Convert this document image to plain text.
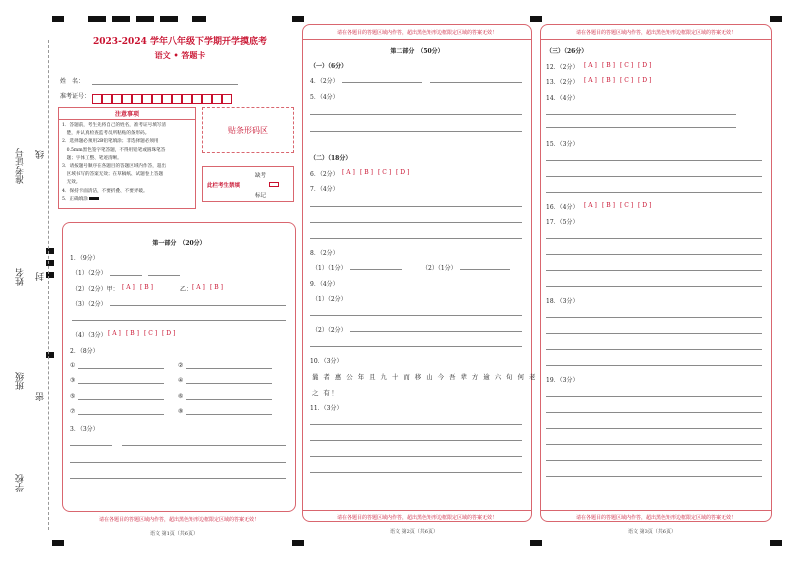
准考证号 线
姓名 封
班级
密
学校
2023-2024 学年八年级下学期开学摸底考
语文 • 答题卡
姓　名：
准考证号：
注意事项
1．答题前，考生先将自己的姓名，准考证号填写清
　楚，并认真检查监考员所粘贴的条形码。
2．选择题必须用2B铅笔填涂；非选择题必须用
　0.5mm黑色签字笔答题，不得用铅笔或圆珠笔答
　题；字体工整、笔迹清晰。
3．请按题号顺序在各题目的答题区域内作答，超出
　区域书写的答案无效；在草稿纸、试题卷上答题
　无效。
4．保持卡面清洁，不要折叠、不要弄破。
5．正确填涂
贴条形码区
此栏考生禁填
缺考
标记
第一部分　（20分）
1．（9分）
（1）（2分）
（2）（2分）甲： [ A ] [ B ]	乙： [ A ] [ B ]
（3）（2分）
（4）（3分） [ A ] [ B ] [ C ] [ D ]
2．（8分）
①	②
③	④
⑤	⑥
⑦	⑧
3．（3分）
请在各题目的答题区域内作答，超出黑色矩形边框限定区域的答案无效！
语文 第1页（共6页）
请在各题目的答题区域内作答，超出黑色矩形边框限定区域的答案无效！
第二部分　（50分）
（一）（6分）
4．（2分）
5．（4分）
（二）（18分）
6．（2分） [ A ] [ B ] [ C ] [ D ]
7．（4分）
8．（2分）
（1）（1分）	（2）（1分）
9．（4分）
（1）（2分）
（2）（2分）
10．（3分）
曩 者 惠 公 年 且 九 十 而 移 山 今 吾 辈 方 逾 六 旬 何 老
之 有！
11．（3分）
请在各题目的答题区域内作答，超出黑色矩形边框限定区域的答案无效！
语文 第2页（共6页）
请在各题目的答题区域内作答，超出黑色矩形边框限定区域的答案无效！
（三）（26分）
12．（2分） [ A ] [ B ] [ C ] [ D ]
13．（2分） [ A ] [ B ] [ C ] [ D ]
14．（4分）
15．（3分）
16．（4分） [ A ] [ B ] [ C ] [ D ]
17．（5分）
18．（3分）
19．（3分）
请在各题目的答题区域内作答，超出黑色矩形边框限定区域的答案无效！
语文 第3页（共6页）
